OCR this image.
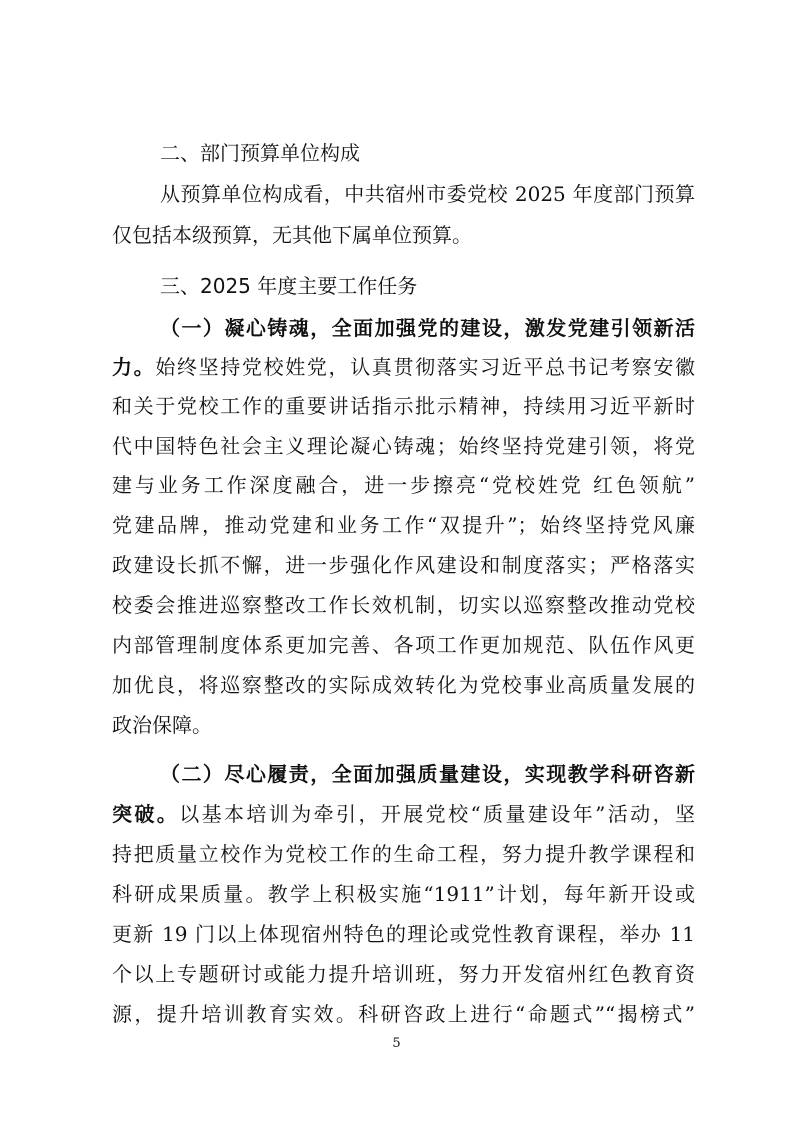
二、部门预算单位构成
从预算单位构成看，中共宿州市委党校 2025 年度部门预算
仅包括本级预算，无其他下属单位预算。
三、2025 年度主要工作任务
（一）凝心铸魂，全面加强党的建设，激发党建引领新活
力。始终坚持党校姓党，认真贯彻落实习近平总书记考察安徽
和关于党校工作的重要讲话指示批示精神，持续用习近平新时
代中国特色社会主义理论凝心铸魂；始终坚持党建引领，将党
建与业务工作深度融合，进一步擦亮“党校姓党 红色领航”
党建品牌，推动党建和业务工作“双提升”；始终坚持党风廉
政建设长抓不懈，进一步强化作风建设和制度落实；严格落实
校委会推进巡察整改工作长效机制，切实以巡察整改推动党校
内部管理制度体系更加完善、各项工作更加规范、队伍作风更
加优良，将巡察整改的实际成效转化为党校事业高质量发展的
政治保障。
（二）尽心履责，全面加强质量建设，实现教学科研咨新
突破。以基本培训为牵引，开展党校“质量建设年”活动，坚
持把质量立校作为党校工作的生命工程，努力提升教学课程和
科研成果质量。教学上积极实施“1911”计划，每年新开设或
更新 19 门以上体现宿州特色的理论或党性教育课程，举办 11
个以上专题研讨或能力提升培训班，努力开发宿州红色教育资
源，提升培训教育实效。科研咨政上进行“命题式”“揭榜式”
5
